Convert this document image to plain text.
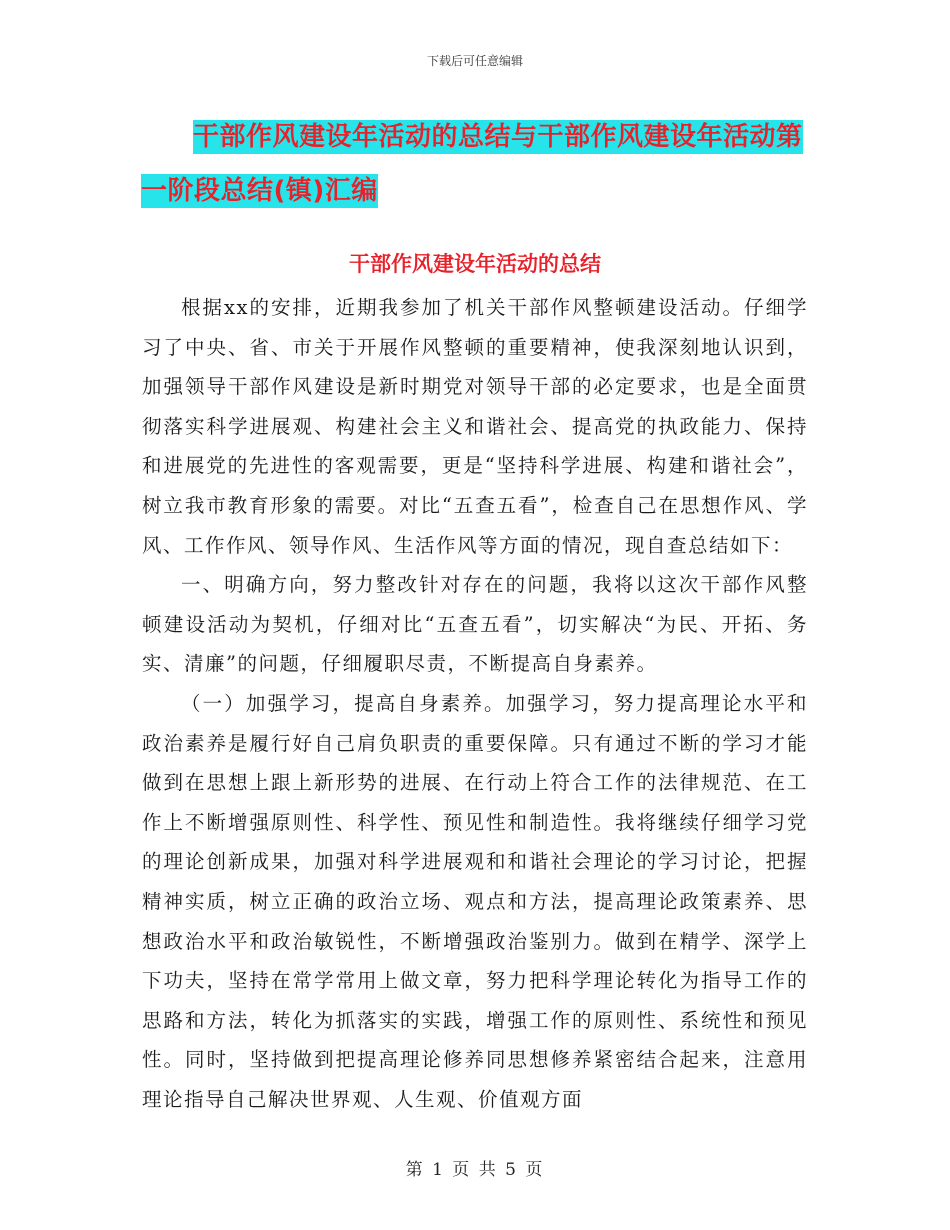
下载后可任意编辑
干部作风建设年活动的总结与干部作风建设年活动第
一阶段总结(镇)汇编
干部作风建设年活动的总结

根据xx的安排，近期我参加了机关干部作风整顿建设活动。仔细学习了中央、省、市关于开展作风整顿的重要精神，使我深刻地认识到，加强领导干部作风建设是新时期党对领导干部的必定要求，也是全面贯彻落实科学进展观、构建社会主义和谐社会、提高党的执政能力、保持和进展党的先进性的客观需要，更是“坚持科学进展、构建和谐社会”，树立我市教育形象的需要。对比“五查五看”，检查自己在思想作风、学风、工作作风、领导作风、生活作风等方面的情况，现自查总结如下：

一、明确方向，努力整改针对存在的问题，我将以这次干部作风整顿建设活动为契机，仔细对比“五查五看”，切实解决“为民、开拓、务实、清廉”的问题，仔细履职尽责，不断提高自身素养。

（一）加强学习，提高自身素养。加强学习，努力提高理论水平和政治素养是履行好自己肩负职责的重要保障。只有通过不断的学习才能做到在思想上跟上新形势的进展、在行动上符合工作的法律规范、在工作上不断增强原则性、科学性、预见性和制造性。我将继续仔细学习党的理论创新成果，加强对科学进展观和和谐社会理论的学习讨论，把握精神实质，树立正确的政治立场、观点和方法，提高理论政策素养、思想政治水平和政治敏锐性，不断增强政治鉴别力。做到在精学、深学上下功夫，坚持在常学常用上做文章，努力把科学理论转化为指导工作的思路和方法，转化为抓落实的实践，增强工作的原则性、系统性和预见性。同时，坚持做到把提高理论修养同思想修养紧密结合起来，注意用理论指导自己解决世界观、人生观、价值观方面

第 1 页 共 5 页
